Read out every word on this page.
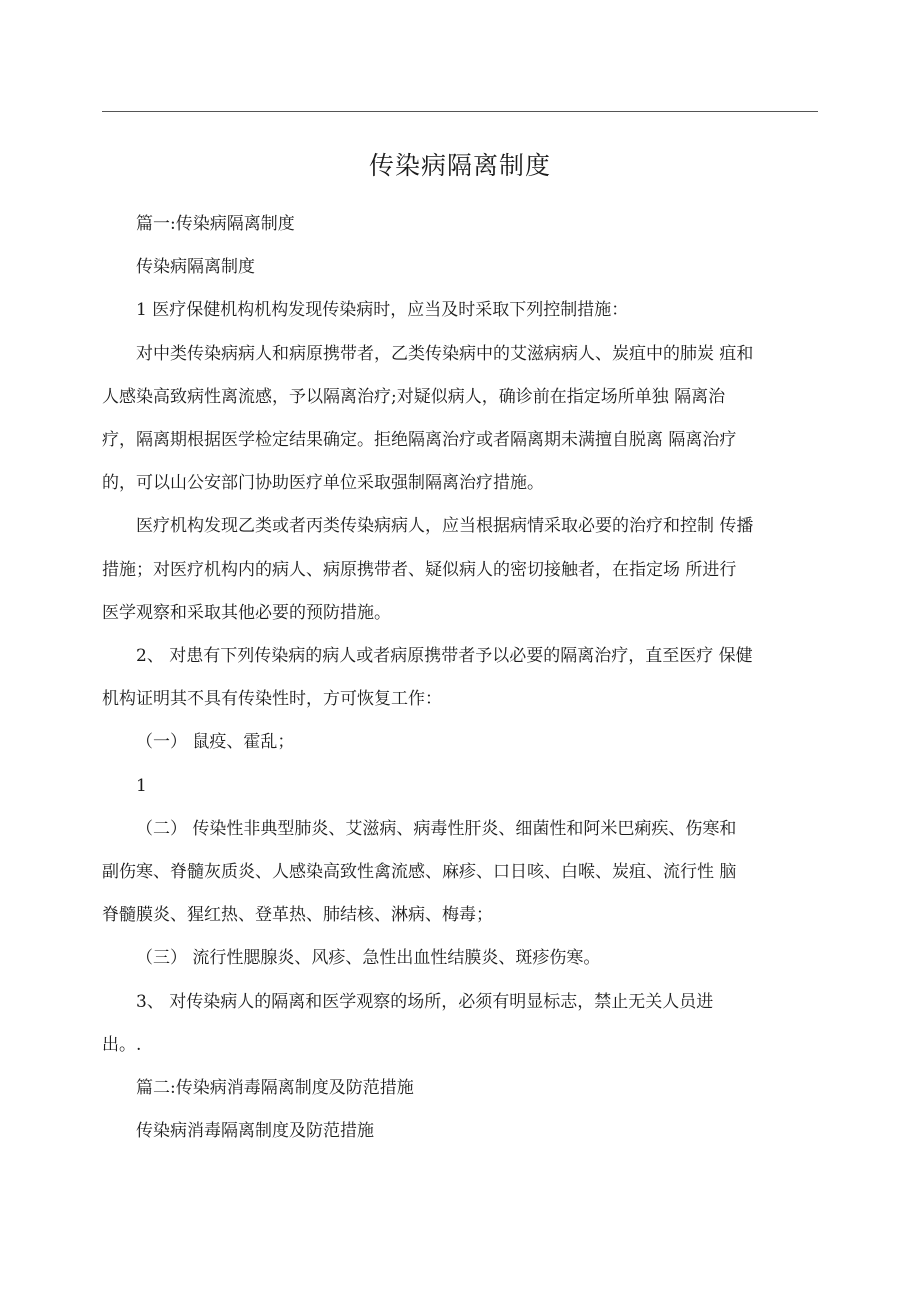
传染病隔离制度

篇一:传染病隔离制度

传染病隔离制度

1 医疗保健机构机构发现传染病时，应当及时采取下列控制措施：

对中类传染病病人和病原携带者，乙类传染病中的艾滋病病人、炭疽中的肺炭 疽和

人感染高致病性离流感，予以隔离治疗;对疑似病人，确诊前在指定场所单独 隔离治

疗，隔离期根据医学检定结果确定。拒绝隔离治疗或者隔离期未满擅自脱离 隔离治疗

的，可以山公安部门协助医疗单位采取强制隔离治疗措施。

医疗机构发现乙类或者丙类传染病病人，应当根据病情采取必要的治疗和控制 传播

措施；对医疗机构内的病人、病原携带者、疑似病人的密切接触者，在指定场 所进行

医学观察和采取其他必要的预防措施。

2、 对患有下列传染病的病人或者病原携带者予以必要的隔离治疗，直至医疗 保健

机构证明其不具有传染性时，方可恢复工作：

（一） 鼠疫、霍乱；

1

（二） 传染性非典型肺炎、艾滋病、病毒性肝炎、细菌性和阿米巴痢疾、伤寒和

副伤寒、脊髓灰质炎、人感染高致性禽流感、麻疹、口日咳、白喉、炭疽、流行性 脑

脊髓膜炎、猩红热、登革热、肺结核、淋病、梅毒；

（三） 流行性腮腺炎、风疹、急性出血性结膜炎、斑疹伤寒。

3、 对传染病人的隔离和医学观察的场所，必须有明显标志，禁止无关人员进

出。.

篇二:传染病消毒隔离制度及防范措施

传染病消毒隔离制度及防范措施
